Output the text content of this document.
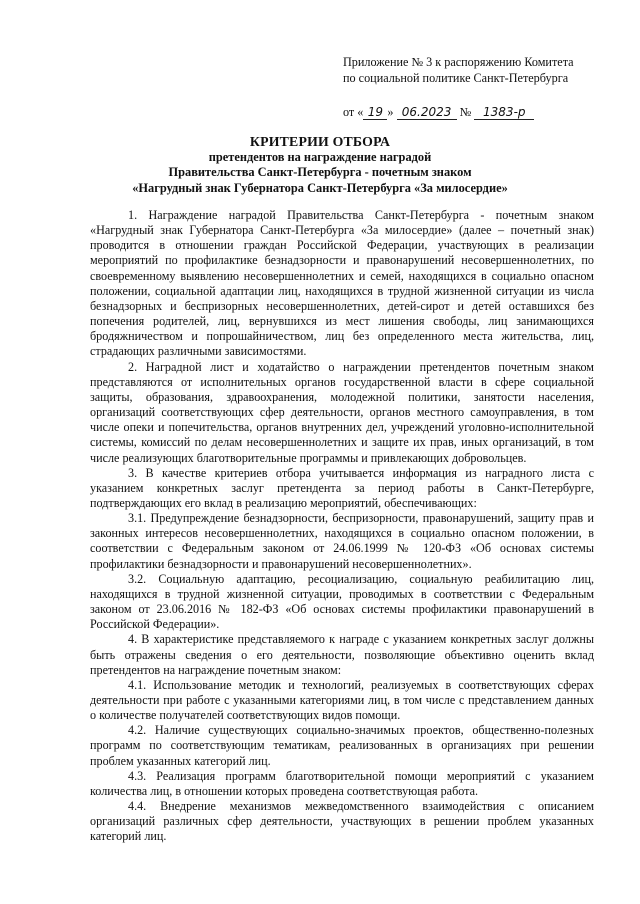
Приложение № 3 к распоряжению Комитета
по социальной политике Санкт-Петербурга
от « 19 » 06.2023 № 1383-р
КРИТЕРИИ ОТБОРА
претендентов на награждение наградой
Правительства Санкт-Петербурга - почетным знаком
«Нагрудный знак Губернатора Санкт-Петербурга «За милосердие»

1. Награждение наградой Правительства Санкт-Петербурга - почетным знаком «Нагрудный знак Губернатора Санкт-Петербурга «За милосердие» (далее – почетный знак) проводится в отношении граждан Российской Федерации, участвующих в реализации мероприятий по профилактике безнадзорности и правонарушений несовершеннолетних, по своевременному выявлению несовершеннолетних и семей, находящихся в социально опасном положении, социальной адаптации лиц, находящихся в трудной жизненной ситуации из числа безнадзорных и беспризорных несовершеннолетних, детей-сирот и детей оставшихся без попечения родителей, лиц, вернувшихся из мест лишения свободы, лиц занимающихся бродяжничеством и попрошайничеством, лиц без определенного места жительства, лиц, страдающих различными зависимостями.

2. Наградной лист и ходатайство о награждении претендентов почетным знаком представляются от исполнительных органов государственной власти в сфере социальной защиты, образования, здравоохранения, молодежной политики, занятости населения, организаций соответствующих сфер деятельности, органов местного самоуправления, в том числе опеки и попечительства, органов внутренних дел, учреждений уголовно-исполнительной системы, комиссий по делам несовершеннолетних и защите их прав, иных организаций, в том числе реализующих благотворительные программы и привлекающих добровольцев.

3. В качестве критериев отбора учитывается информация из наградного листа с указанием конкретных заслуг претендента за период работы в Санкт-Петербурге, подтверждающих его вклад в реализацию мероприятий, обеспечивающих:

3.1. Предупреждение безнадзорности, беспризорности, правонарушений, защиту прав и законных интересов несовершеннолетних, находящихся в социально опасном положении, в соответствии с Федеральным законом от 24.06.1999 № 120-ФЗ «Об основах системы профилактики безнадзорности и правонарушений несовершеннолетних».

3.2. Социальную адаптацию, ресоциализацию, социальную реабилитацию лиц, находящихся в трудной жизненной ситуации, проводимых в соответствии с Федеральным законом от 23.06.2016 № 182-ФЗ «Об основах системы профилактики правонарушений в Российской Федерации».

4. В характеристике представляемого к награде с указанием конкретных заслуг должны быть отражены сведения о его деятельности, позволяющие объективно оценить вклад претендентов на награждение почетным знаком:

4.1. Использование методик и технологий, реализуемых в соответствующих сферах деятельности при работе с указанными категориями лиц, в том числе с представлением данных о количестве получателей соответствующих видов помощи.

4.2. Наличие существующих социально-значимых проектов, общественно-полезных программ по соответствующим тематикам, реализованных в организациях при решении проблем указанных категорий лиц.

4.3. Реализация программ благотворительной помощи мероприятий с указанием количества лиц, в отношении которых проведена соответствующая работа.

4.4. Внедрение механизмов межведомственного взаимодействия с описанием организаций различных сфер деятельности, участвующих в решении проблем указанных категорий лиц.
